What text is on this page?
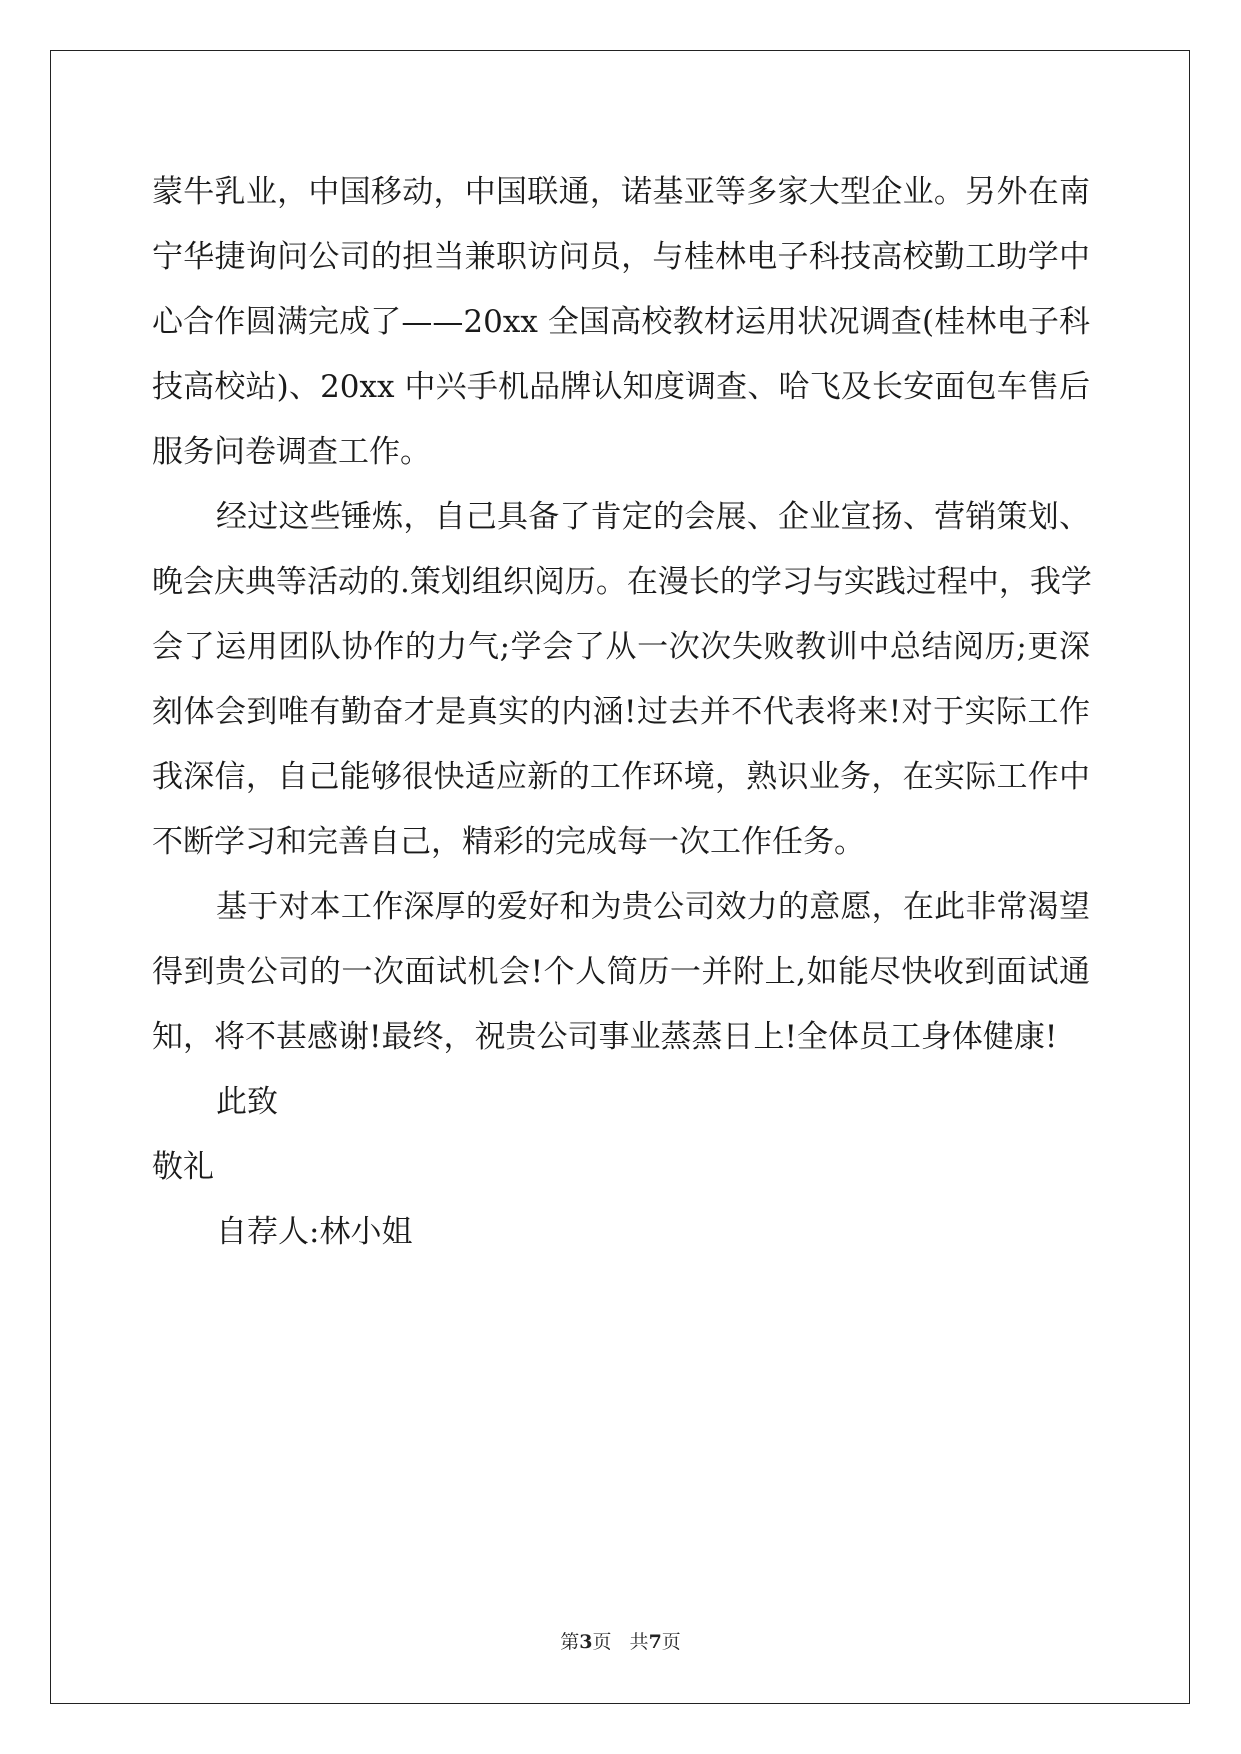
蒙牛乳业，中国移动，中国联通，诺基亚等多家大型企业。另外在南
宁华捷询问公司的担当兼职访问员，与桂林电子科技高校勤工助学中
心合作圆满完成了——20xx 全国高校教材运用状况调查(桂林电子科
技高校站)、20xx 中兴手机品牌认知度调查、哈飞及长安面包车售后
服务问卷调查工作。
经过这些锤炼，自己具备了肯定的会展、企业宣扬、营销策划、
晚会庆典等活动的.策划组织阅历。在漫长的学习与实践过程中，我学
会了运用团队协作的力气;学会了从一次次失败教训中总结阅历;更深
刻体会到唯有勤奋才是真实的内涵!过去并不代表将来!对于实际工作
我深信，自己能够很快适应新的工作环境，熟识业务，在实际工作中
不断学习和完善自己，精彩的完成每一次工作任务。
基于对本工作深厚的爱好和为贵公司效力的意愿，在此非常渴望
得到贵公司的一次面试机会!个人简历一并附上,如能尽快收到面试通
知，将不甚感谢!最终，祝贵公司事业蒸蒸日上!全体员工身体健康!
此致
敬礼
自荐人:林小姐
第3页   共7页
